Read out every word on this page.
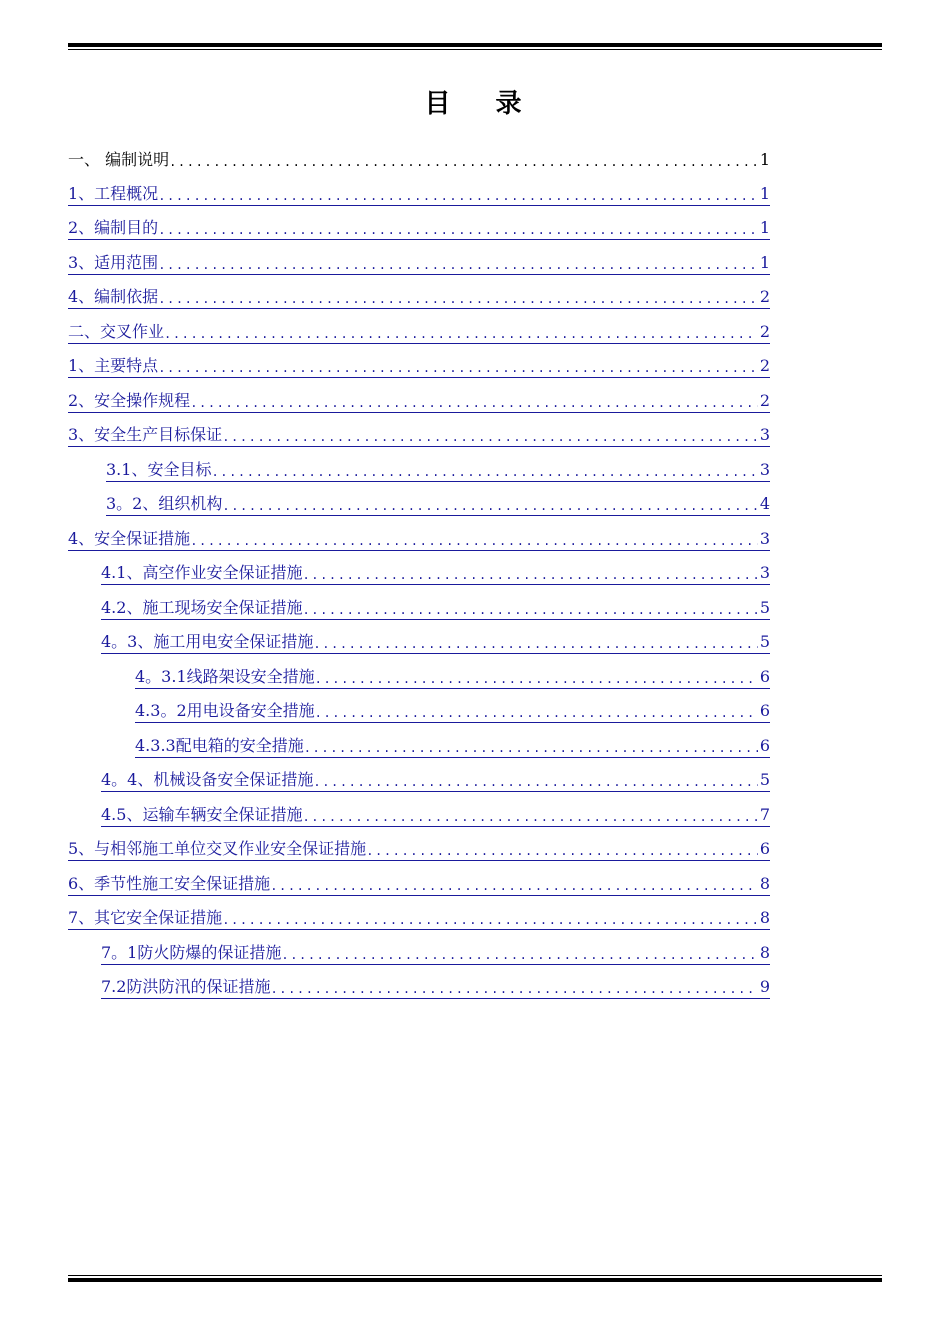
目 录
一、 编制说明 .....	1
1、工程概况 .....	1
2、编制目的 .....	1
3、适用范围 .....	1
4、编制依据 .....	2
二、交叉作业 .....	2
1、主要特点 .....	2
2、安全操作规程 .....	2
3、安全生产目标保证 .....	3
3.1、安全目标 .....	3
3。2、组织机构 .....	4
4、安全保证措施 .....	3
4.1、高空作业安全保证措施 .....	3
4.2、施工现场安全保证措施 .....	5
4。3、施工用电安全保证措施 .....	5
4。3.1线路架设安全措施 .....	6
4.3。2用电设备安全措施 .....	6
4.3.3配电箱的安全措施 .....	6
4。4、机械设备安全保证措施 .....	5
4.5、运输车辆安全保证措施 .....	7
5、与相邻施工单位交叉作业安全保证措施 .....	6
6、季节性施工安全保证措施 .....	8
7、其它安全保证措施 .....	8
7。1防火防爆的保证措施 .....	8
7.2防洪防汛的保证措施 .....	9
